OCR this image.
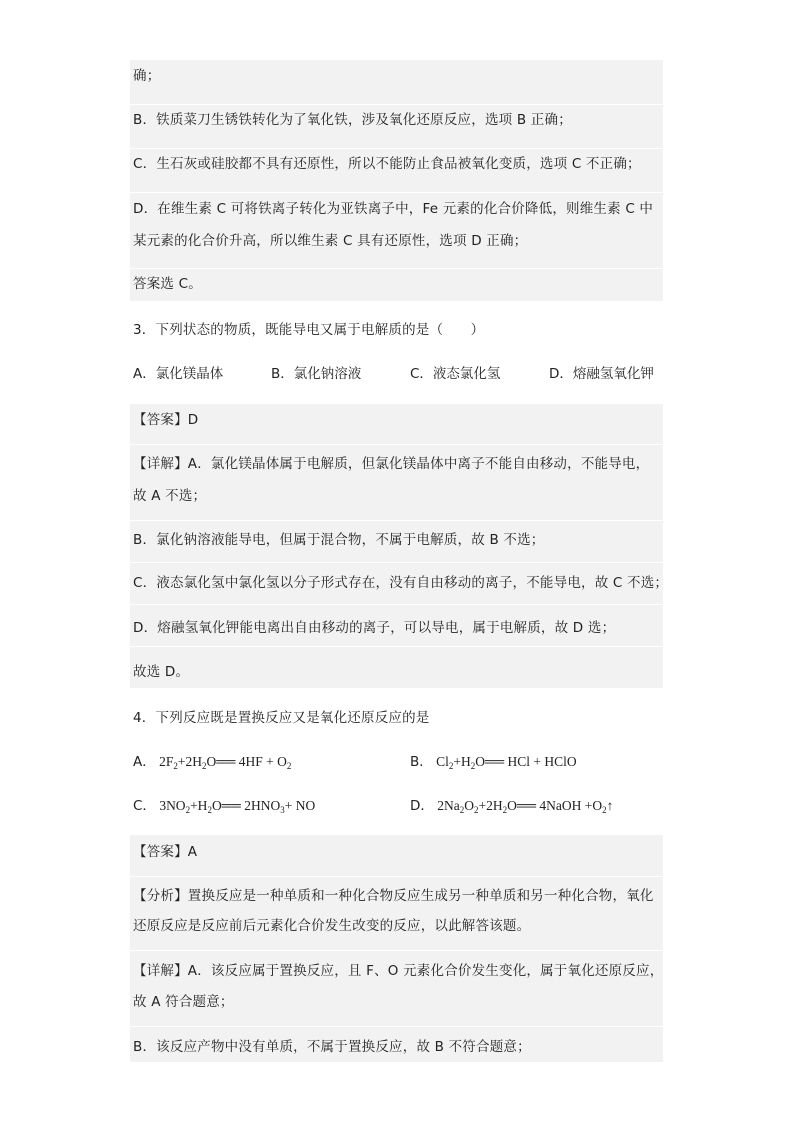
确；
B．铁质菜刀生锈铁转化为了氧化铁，涉及氧化还原反应，选项 B 正确；
C．生石灰或硅胶都不具有还原性，所以不能防止食品被氧化变质，选项 C 不正确；
D．在维生素 C 可将铁离子转化为亚铁离子中，Fe 元素的化合价降低，则维生素 C 中
某元素的化合价升高，所以维生素 C 具有还原性，选项 D 正确；
答案选 C。
3．下列状态的物质，既能导电又属于电解质的是（　　）
A．氯化镁晶体	B．氯化钠溶液	C．液态氯化氢	D．熔融氢氧化钾
【答案】D
【详解】A．氯化镁晶体属于电解质，但氯化镁晶体中离子不能自由移动，不能导电，
故 A 不选；
B．氯化钠溶液能导电，但属于混合物，不属于电解质，故 B 不选；
C．液态氯化氢中氯化氢以分子形式存在，没有自由移动的离子，不能导电，故 C 不选；
D．熔融氢氧化钾能电离出自由移动的离子，可以导电，属于电解质，故 D 选；
故选 D。
4．下列反应既是置换反应又是氧化还原反应的是
A． $2F_2+2H_2O══$ $4HF + O_2$	B． $Cl_2+H_2O══$ HCl + HClO
C． $3NO_2+H_2O══$ $2HNO_3+$ NO	D． $2Na_2O_2+2H_2O══$ 4NaOH $+O_2↑$
【答案】A
【分析】置换反应是一种单质和一种化合物反应生成另一种单质和另一种化合物，氧化
还原反应是反应前后元素化合价发生改变的反应，以此解答该题。
【详解】A．该反应属于置换反应，且 F、O 元素化合价发生变化，属于氧化还原反应，
故 A 符合题意；
B．该反应产物中没有单质，不属于置换反应，故 B 不符合题意；
